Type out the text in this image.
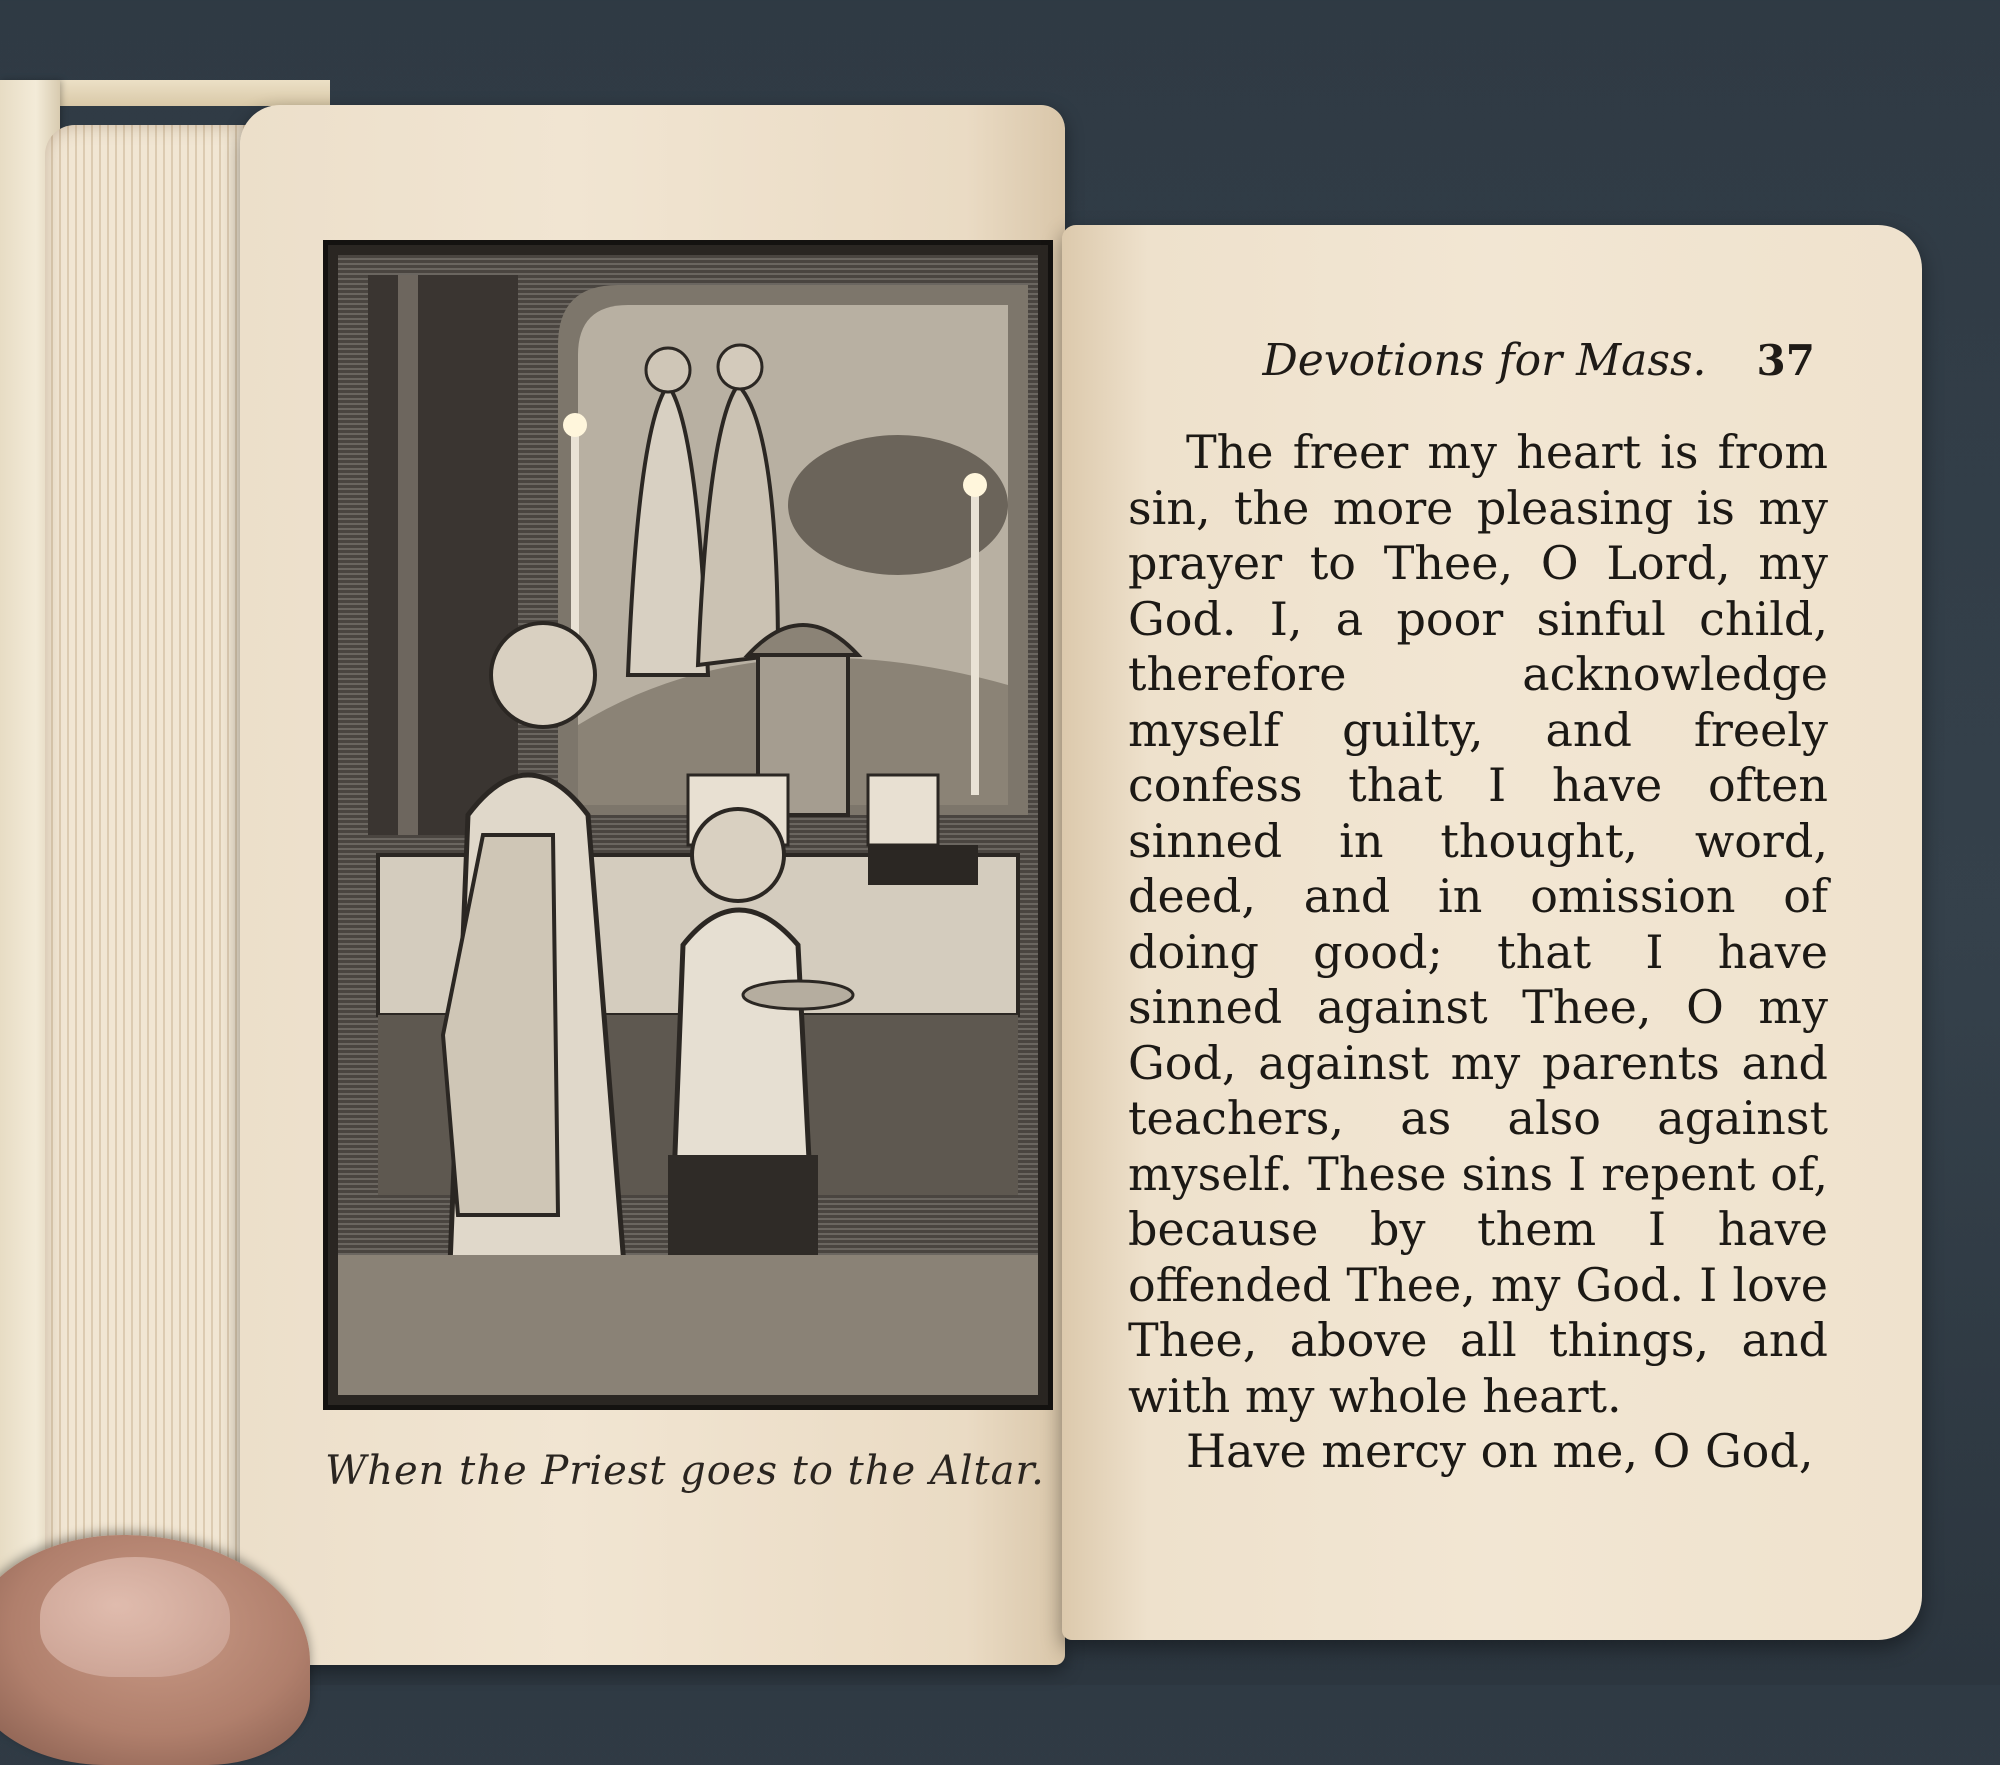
When the Priest goes to the Altar.
Devotions for Mass. 37

The freer my heart is from sin, the more pleasing is my prayer to Thee, O Lord, my God. I, a poor sinful child, therefore acknowledge myself guilty, and freely confess that I have often sinned in thought, word, deed, and in omission of doing good; that I have sinned against Thee, O my God, against my parents and teachers, as also against myself. These sins I repent of, because by them I have offended Thee, my God. I love Thee, above all things, and with my whole heart.

Have mercy on me, O God,
